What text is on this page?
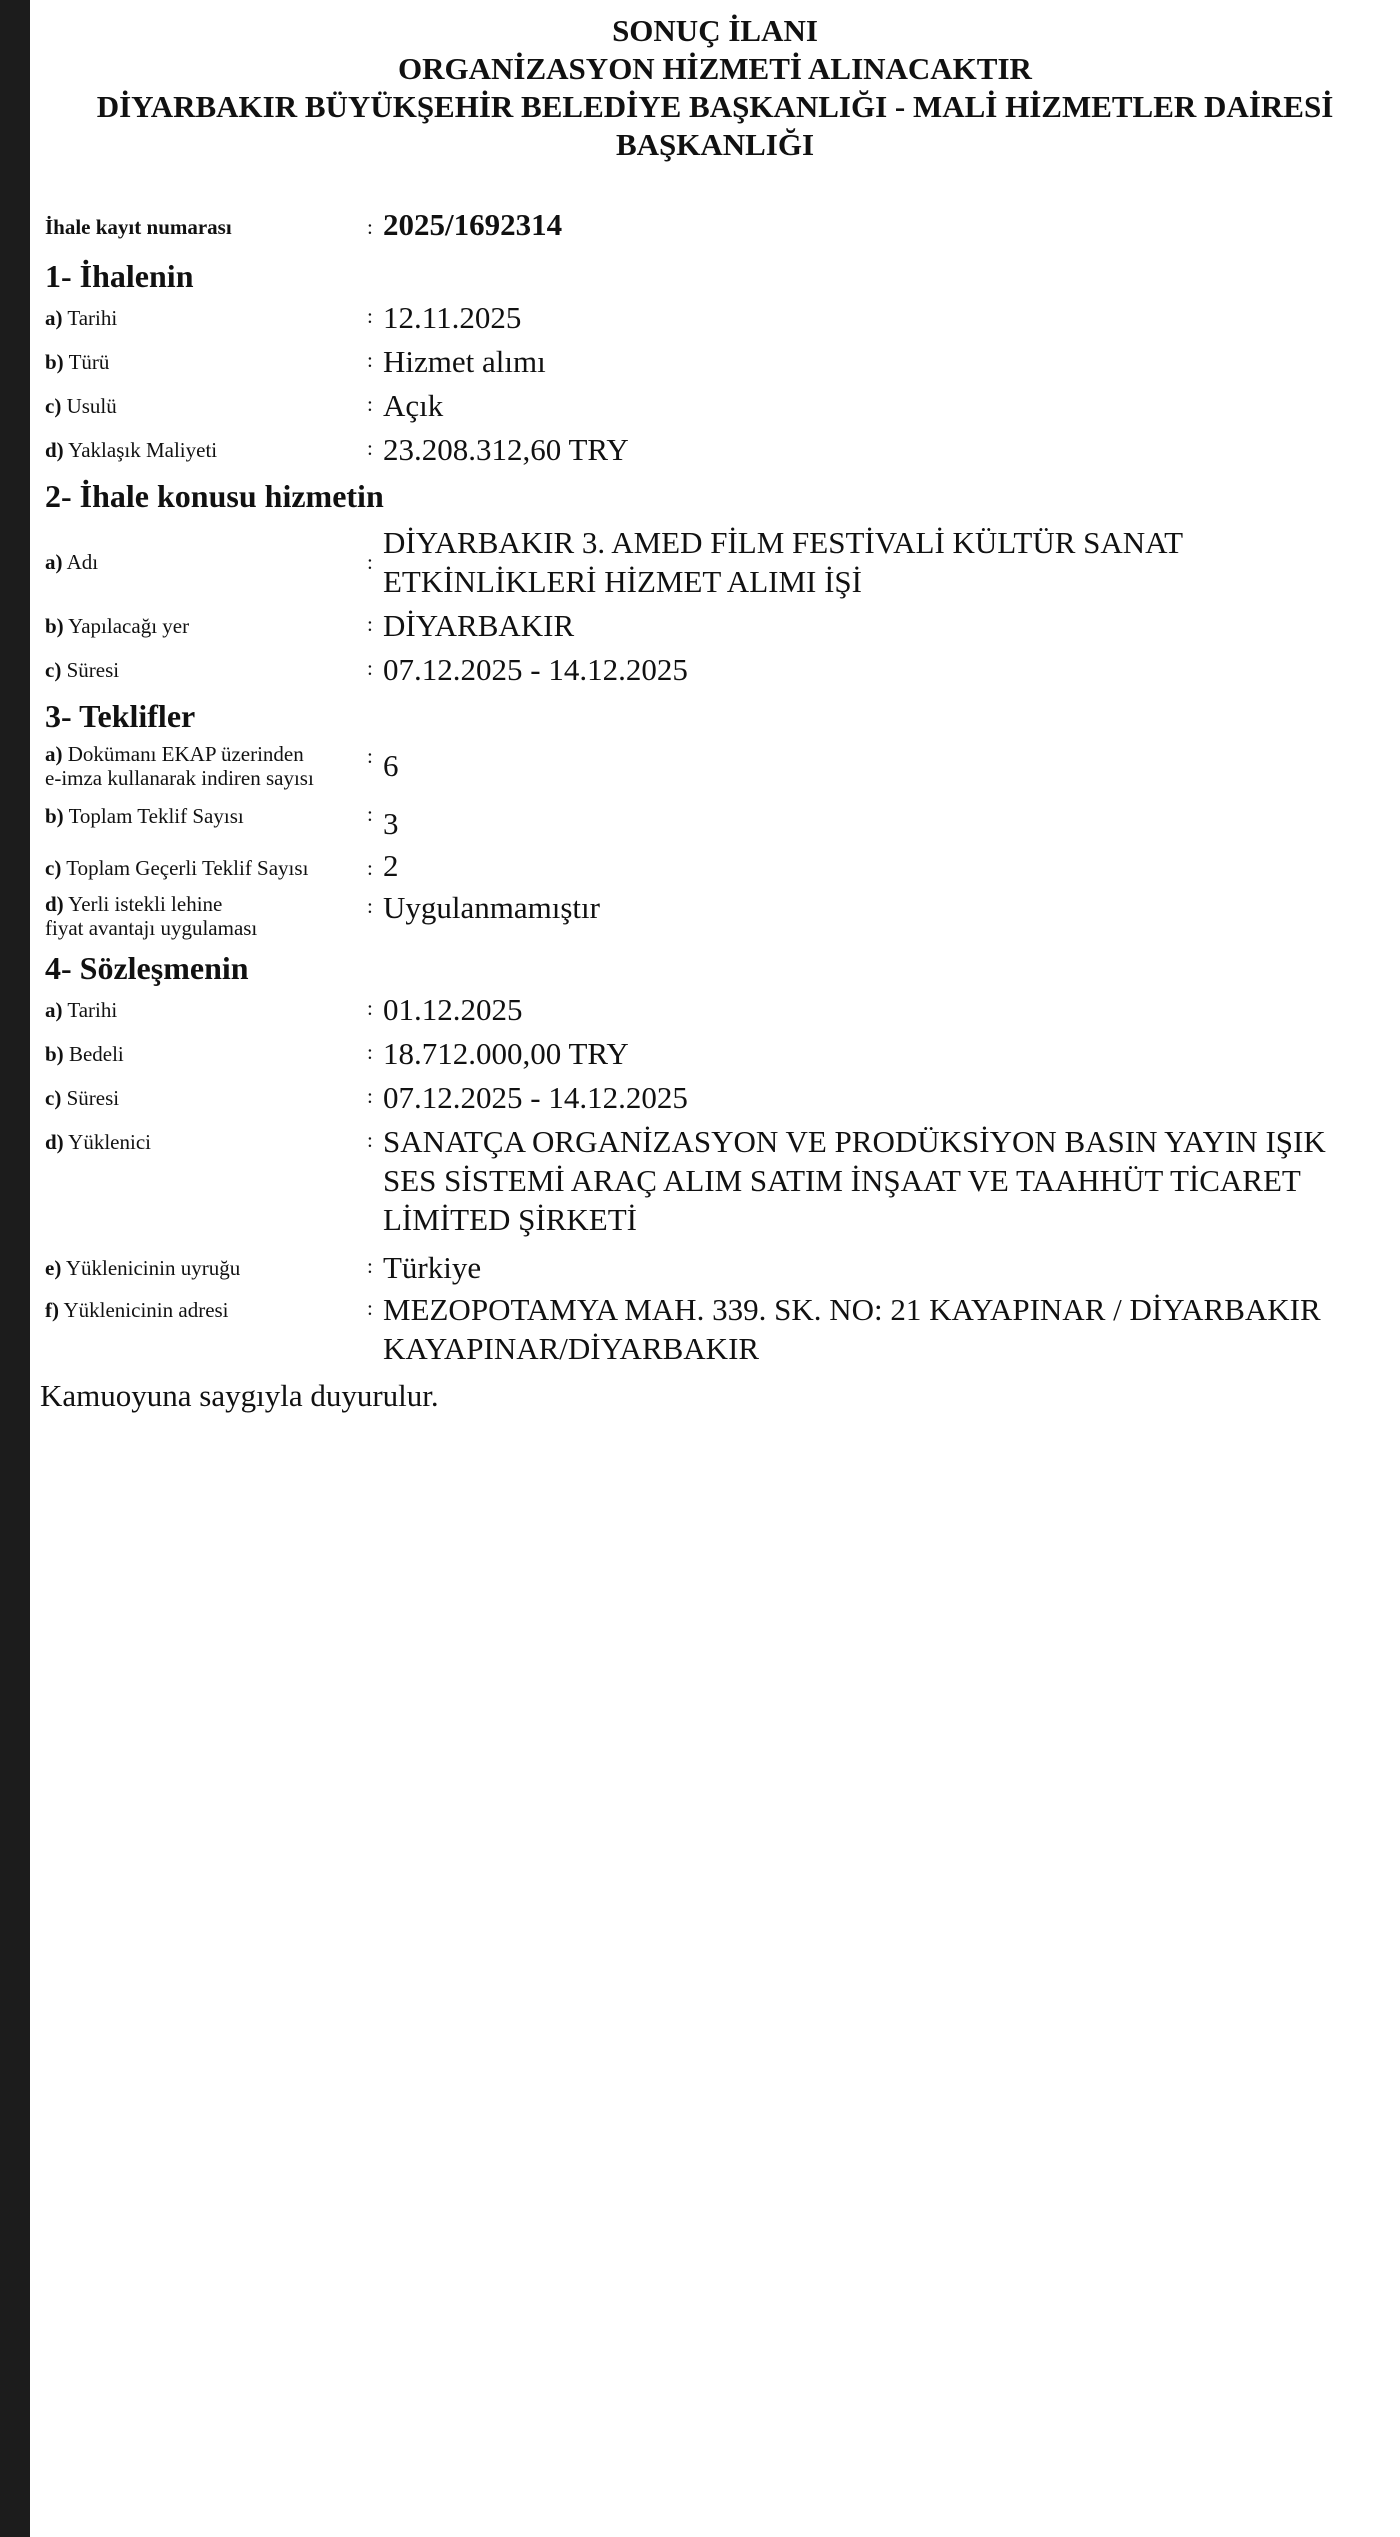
SONUÇ İLANI
ORGANİZASYON HİZMETİ ALINACAKTIR
DİYARBAKIR BÜYÜKŞEHİR BELEDİYE BAŞKANLIĞI - MALİ HİZMETLER DAİRESİ
BAŞKANLIĞI
İhale kayıt numarası	: 2025/1692314
1- İhalenin
a) Tarihi	: 12.11.2025
b) Türü	: Hizmet alımı
c) Usulü	: Açık
d) Yaklaşık Maliyeti	: 23.208.312,60 TRY
2- İhale konusu hizmetin
a) Adı	:
DİYARBAKIR 3. AMED FİLM FESTİVALİ KÜLTÜR SANAT
ETKİNLİKLERİ HİZMET ALIMI İŞİ
b) Yapılacağı yer	: DİYARBAKIR
c) Süresi	: 07.12.2025 - 14.12.2025
3- Teklifler
a) Dokümanı EKAP üzerinden
e-imza kullanarak indiren sayısı
: 6
b) Toplam Teklif Sayısı	: 3
c) Toplam Geçerli Teklif Sayısı	: 2
d) Yerli istekli lehine
fiyat avantajı uygulaması
: Uygulanmamıştır
4- Sözleşmenin
a) Tarihi	: 01.12.2025
b) Bedeli	: 18.712.000,00 TRY
c) Süresi	: 07.12.2025 - 14.12.2025
d) Yüklenici	: SANATÇA ORGANİZASYON VE PRODÜKSİYON BASIN YAYIN IŞIK
SES SİSTEMİ ARAÇ ALIM SATIM İNŞAAT VE TAAHHÜT TİCARET
LİMİTED ŞİRKETİ
e) Yüklenicinin uyruğu	: Türkiye
f) Yüklenicinin adresi	: MEZOPOTAMYA MAH. 339. SK. NO: 21 KAYAPINAR / DİYARBAKIR
KAYAPINAR/DİYARBAKIR
Kamuoyuna saygıyla duyurulur.
